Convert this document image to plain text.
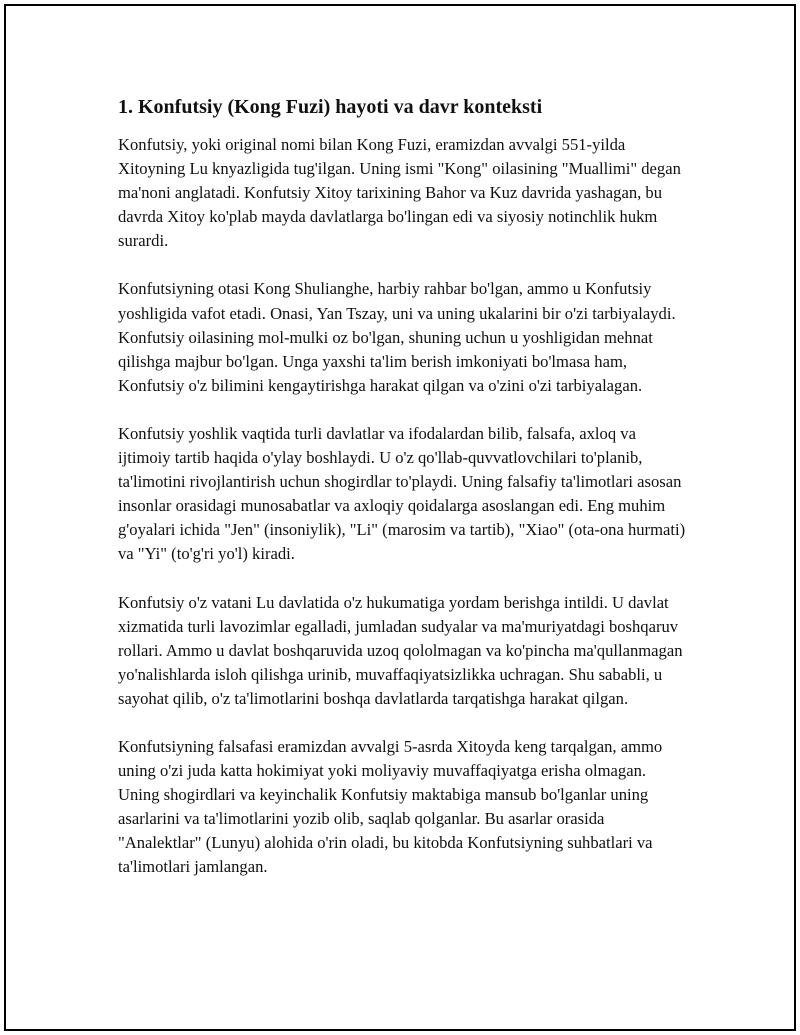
1. Konfutsiy (Kong Fuzi) hayoti va davr konteksti

Konfutsiy, yoki original nomi bilan Kong Fuzi, eramizdan avvalgi 551-yilda Xitoyning Lu knyazligida tug'ilgan. Uning ismi "Kong" oilasining "Muallimi" degan ma'noni anglatadi. Konfutsiy Xitoy tarixining Bahor va Kuz davrida yashagan, bu davrda Xitoy ko'plab mayda davlatlarga bo'lingan edi va siyosiy notinchlik hukm surardi.

Konfutsiyning otasi Kong Shulianghe, harbiy rahbar bo'lgan, ammo u Konfutsiy yoshligida vafot etadi. Onasi, Yan Tszay, uni va uning ukalarini bir o'zi tarbiyalaydi. Konfutsiy oilasining mol-mulki oz bo'lgan, shuning uchun u yoshligidan mehnat qilishga majbur bo'lgan. Unga yaxshi ta'lim berish imkoniyati bo'lmasa ham, Konfutsiy o'z bilimini kengaytirishga harakat qilgan va o'zini o'zi tarbiyalagan.

Konfutsiy yoshlik vaqtida turli davlatlar va ifodalardan bilib, falsafa, axloq va ijtimoiy tartib haqida o'ylay boshlaydi. U o'z qo'llab-quvvatlovchilari to'planib, ta'limotini rivojlantirish uchun shogirdlar to'playdi. Uning falsafiy ta'limotlari asosan insonlar orasidagi munosabatlar va axloqiy qoidalarga asoslangan edi. Eng muhim g'oyalari ichida "Jen" (insoniylik), "Li" (marosim va tartib), "Xiao" (ota-ona hurmati) va "Yi" (to'g'ri yo'l) kiradi.

Konfutsiy o'z vatani Lu davlatida o'z hukumatiga yordam berishga intildi. U davlat xizmatida turli lavozimlar egalladi, jumladan sudyalar va ma'muriyatdagi boshqaruv rollari. Ammo u davlat boshqaruvida uzoq qololmagan va ko'pincha ma'qullanmagan yo'nalishlarda isloh qilishga urinib, muvaffaqiyatsizlikka uchragan. Shu sababli, u sayohat qilib, o'z ta'limotlarini boshqa davlatlarda tarqatishga harakat qilgan.

Konfutsiyning falsafasi eramizdan avvalgi 5-asrda Xitoyda keng tarqalgan, ammo uning o'zi juda katta hokimiyat yoki moliyaviy muvaffaqiyatga erisha olmagan. Uning shogirdlari va keyinchalik Konfutsiy maktabiga mansub bo'lganlar uning asarlarini va ta'limotlarini yozib olib, saqlab qolganlar. Bu asarlar orasida "Analektlar" (Lunyu) alohida o'rin oladi, bu kitobda Konfutsiyning suhbatlari va ta'limotlari jamlangan.
